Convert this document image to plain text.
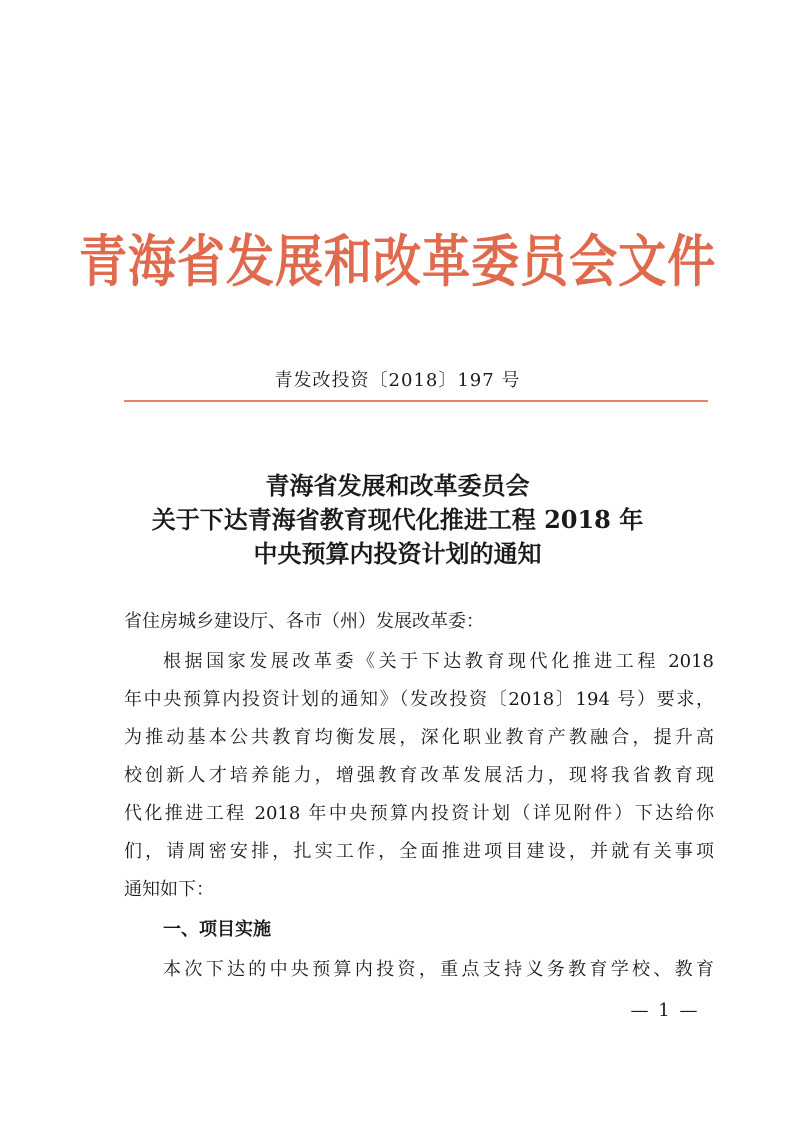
青海省发展和改革委员会文件
青发改投资〔2018〕197 号
青海省发展和改革委员会
关于下达青海省教育现代化推进工程 2018 年
中央预算内投资计划的通知
省住房城乡建设厅、各市（州）发展改革委：
根据国家发展改革委《关于下达教育现代化推进工程 2018
年中央预算内投资计划的通知》（发改投资〔2018〕194 号）要求，
为推动基本公共教育均衡发展，深化职业教育产教融合，提升高
校创新人才培养能力，增强教育改革发展活力，现将我省教育现
代化推进工程 2018 年中央预算内投资计划（详见附件）下达给你
们，请周密安排，扎实工作，全面推进项目建设，并就有关事项
通知如下：
一、项目实施
本次下达的中央预算内投资，重点支持义务教育学校、教育
— 1 —
